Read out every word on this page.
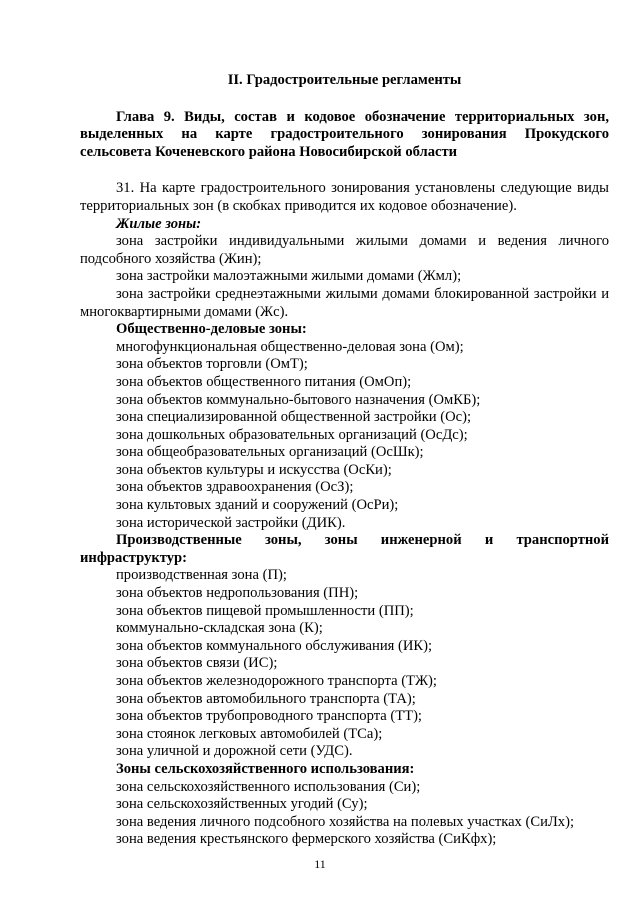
II. Градостроительные регламенты

Глава 9. Виды, состав и кодовое обозначение территориальных зон, выделенных на карте градостроительного зонирования Прокудского сельсовета Коченевского района Новосибирской области

31. На карте градостроительного зонирования установлены следующие виды территориальных зон (в скобках приводится их кодовое обозначение).

Жилые зоны:

зона застройки индивидуальными жилыми домами и ведения личного подсобного хозяйства (Жин);

зона застройки малоэтажными жилыми домами (Жмл);

зона застройки среднеэтажными жилыми домами блокированной застройки и многоквартирными домами (Жс).

Общественно-деловые зоны:

многофункциональная общественно-деловая зона (Ом);

зона объектов торговли (ОмТ);

зона объектов общественного питания (ОмОп);

зона объектов коммунально-бытового назначения (ОмКБ);

зона специализированной общественной застройки (Ос);

зона дошкольных образовательных организаций (ОсДс);

зона общеобразовательных организаций (ОсШк);

зона объектов культуры и искусства (ОсКи);

зона объектов здравоохранения (ОсЗ);

зона культовых зданий и сооружений (ОсРи);

зона исторической застройки (ДИК).

Производственные зоны, зоны инженерной и транспортной инфраструктур:

производственная зона (П);

зона объектов недропользования (ПН);

зона объектов пищевой промышленности (ПП);

коммунально-складская зона (К);

зона объектов коммунального обслуживания (ИК);

зона объектов связи (ИС);

зона объектов железнодорожного транспорта (ТЖ);

зона объектов автомобильного транспорта (ТА);

зона объектов трубопроводного транспорта (ТТ);

зона стоянок легковых автомобилей (ТСа);

зона уличной и дорожной сети (УДС).

Зоны сельскохозяйственного использования:

зона сельскохозяйственного использования (Си);

зона сельскохозяйственных угодий (Су);

зона ведения личного подсобного хозяйства на полевых участках (СиЛх);

зона ведения крестьянского фермерского хозяйства (СиКфх);

11
